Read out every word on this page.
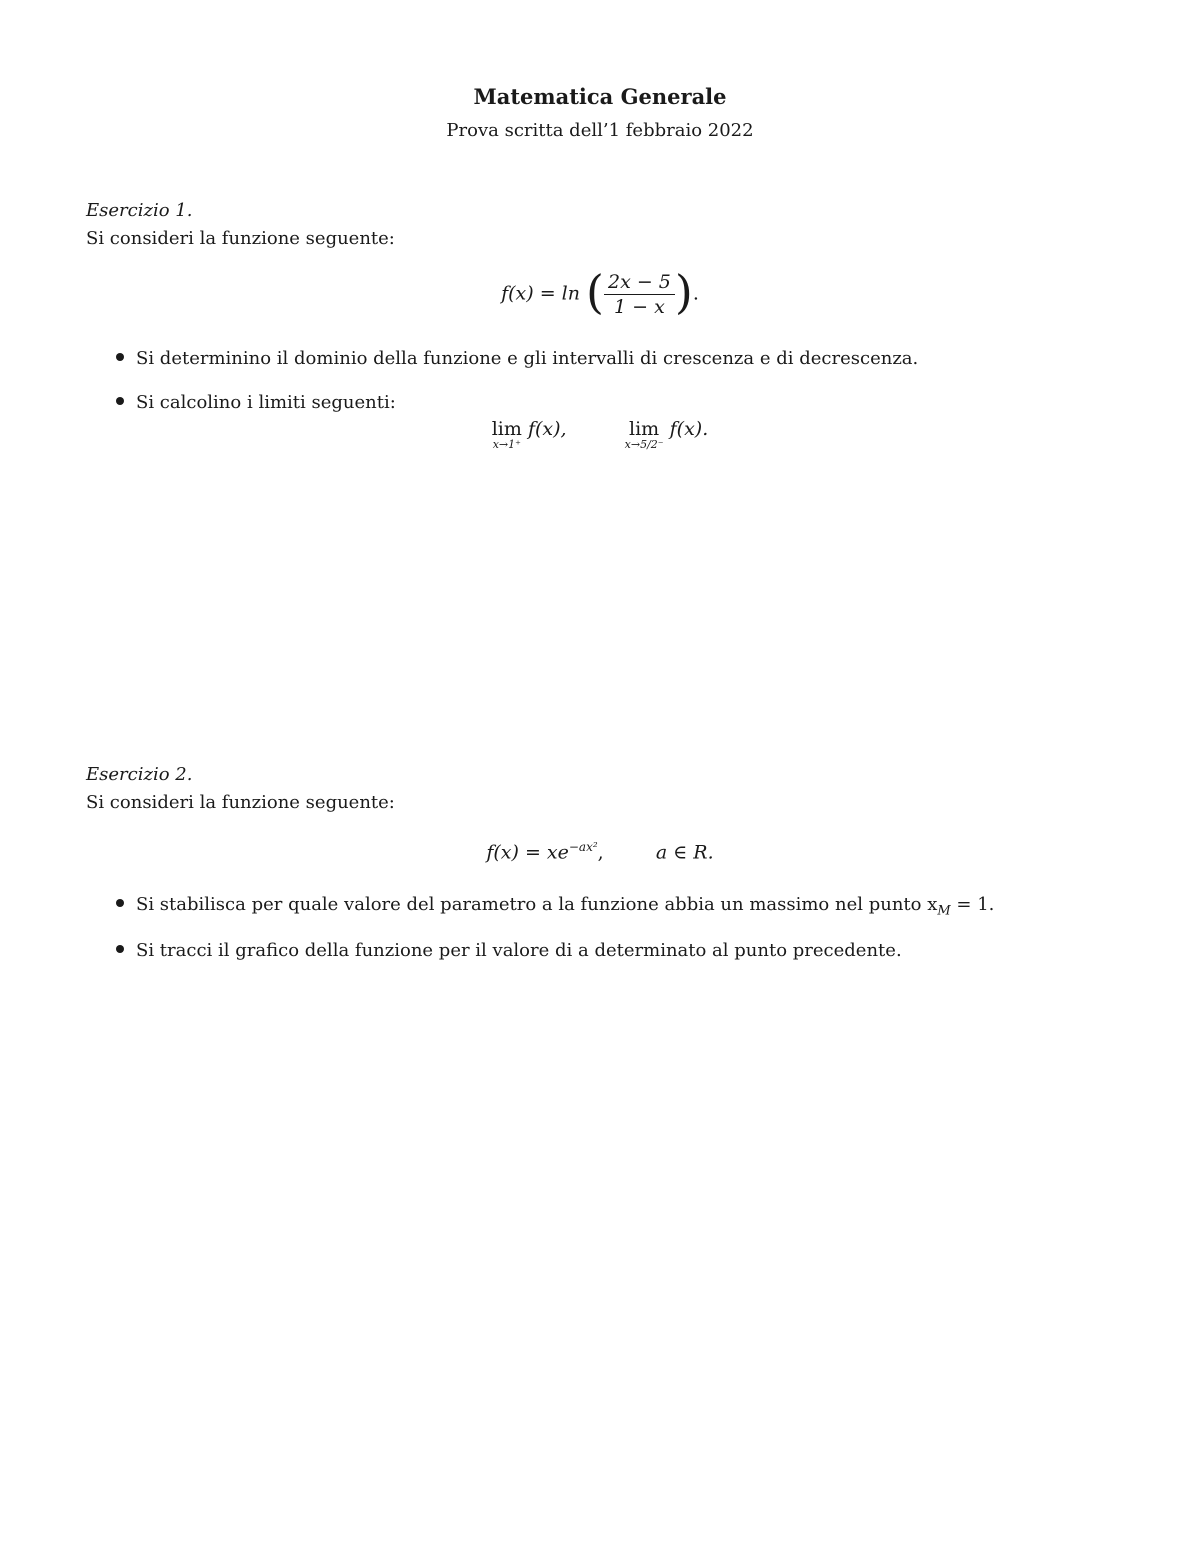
Matematica Generale
Prova scritta dell’1 febbraio 2022
Esercizio 1.
Si consideri la funzione seguente:
f(x) = ln ( $\frac{2x - 5}{1 - x}$ ).
Si determinino il dominio della funzione e gli intervalli di crescenza e di decrescenza.
Si calcolino i limiti seguenti:
lim
x→1⁺
f(x),	lim
x→5/2⁻
f(x).
Esercizio 2.
Si consideri la funzione seguente:
$f(x) = xe^{-ax^2}$,	a ∈ R.
Si stabilisca per quale valore del parametro a la funzione abbia un massimo nel punto $x_M = 1$.
Si tracci il grafico della funzione per il valore di a determinato al punto precedente.
